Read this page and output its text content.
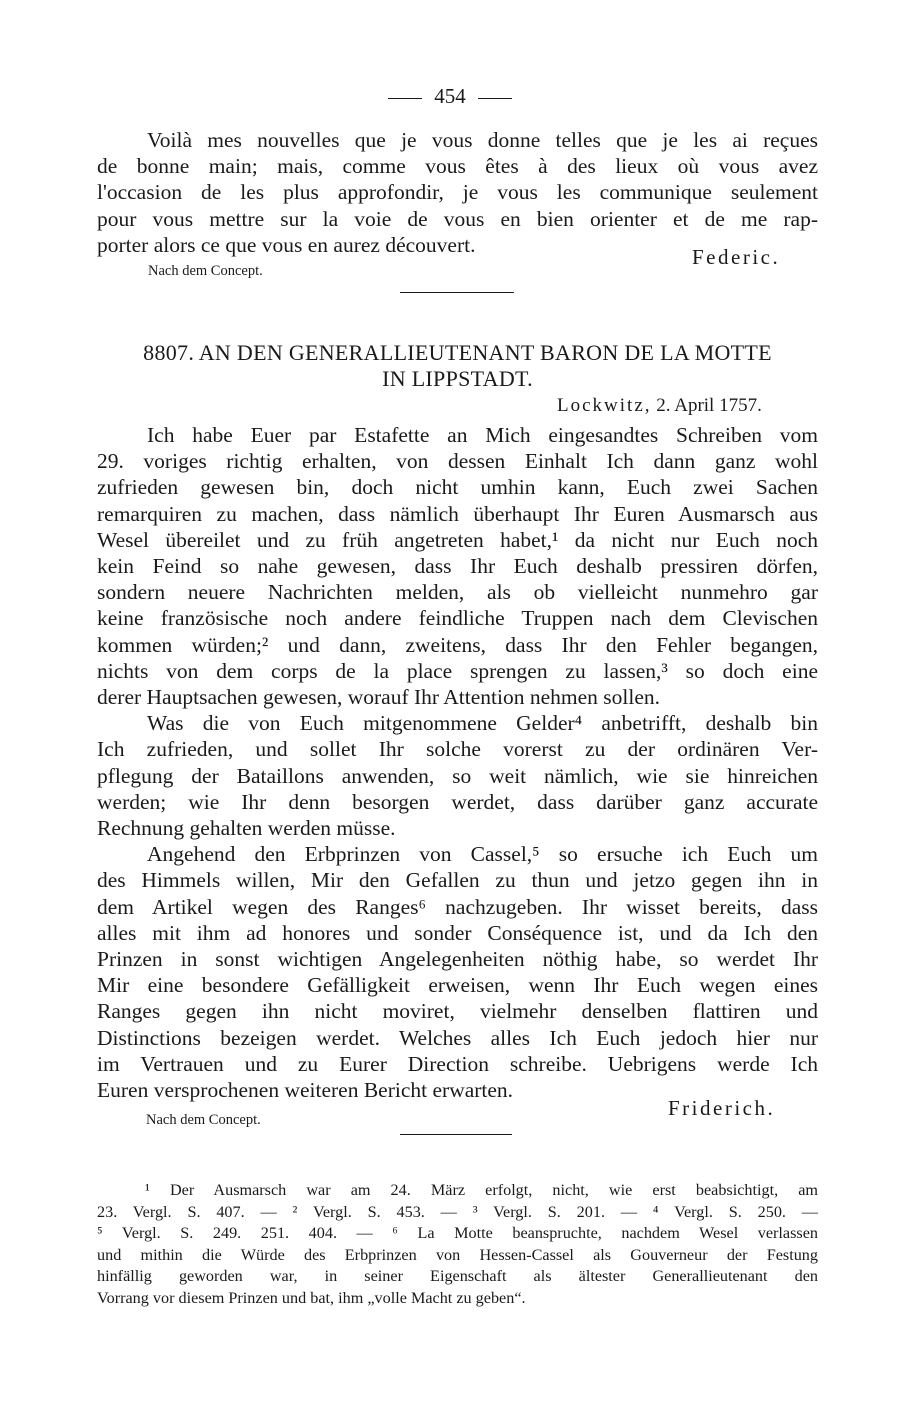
454

Voilà mes nouvelles que je vous donne telles que je les ai reçues
de bonne main; mais, comme vous êtes à des lieux où vous avez
l'occasion de les plus approfondir, je vous les communique seulement
pour vous mettre sur la voie de vous en bien orienter et de me rap-
porter alors ce que vous en aurez découvert.

Federic.
Nach dem Concept.
8807. AN DEN GENERALLIEUTENANT BARON DE LA MOTTE
IN LIPPSTADT.
Lockwitz, 2. April 1757.

Ich habe Euer par Estafette an Mich eingesandtes Schreiben vom
29. voriges richtig erhalten, von dessen Einhalt Ich dann ganz wohl
zufrieden gewesen bin, doch nicht umhin kann, Euch zwei Sachen
remarquiren zu machen, dass nämlich überhaupt Ihr Euren Ausmarsch aus
Wesel übereilet und zu früh angetreten habet,¹ da nicht nur Euch noch
kein Feind so nahe gewesen, dass Ihr Euch deshalb pressiren dörfen,
sondern neuere Nachrichten melden, als ob vielleicht nunmehro gar
keine französische noch andere feindliche Truppen nach dem Clevischen
kommen würden;² und dann, zweitens, dass Ihr den Fehler begangen,
nichts von dem corps de la place sprengen zu lassen,³ so doch eine
derer Hauptsachen gewesen, worauf Ihr Attention nehmen sollen.

Was die von Euch mitgenommene Gelder⁴ anbetrifft, deshalb bin
Ich zufrieden, und sollet Ihr solche vorerst zu der ordinären Ver-
pflegung der Bataillons anwenden, so weit nämlich, wie sie hinreichen
werden; wie Ihr denn besorgen werdet, dass darüber ganz accurate
Rechnung gehalten werden müsse.

Angehend den Erbprinzen von Cassel,⁵ so ersuche ich Euch um
des Himmels willen, Mir den Gefallen zu thun und jetzo gegen ihn in
dem Artikel wegen des Ranges⁶ nachzugeben. Ihr wisset bereits, dass
alles mit ihm ad honores und sonder Conséquence ist, und da Ich den
Prinzen in sonst wichtigen Angelegenheiten nöthig habe, so werdet Ihr
Mir eine besondere Gefälligkeit erweisen, wenn Ihr Euch wegen eines
Ranges gegen ihn nicht moviret, vielmehr denselben flattiren und
Distinctions bezeigen werdet. Welches alles Ich Euch jedoch hier nur
im Vertrauen und zu Eurer Direction schreibe. Uebrigens werde Ich
Euren versprochenen weiteren Bericht erwarten.

Friderich.
Nach dem Concept.
¹ Der Ausmarsch war am 24. März erfolgt, nicht, wie erst beabsichtigt, am
23. Vergl. S. 407. — ² Vergl. S. 453. — ³ Vergl. S. 201. — ⁴ Vergl. S. 250. —
⁵ Vergl. S. 249. 251. 404. — ⁶ La Motte beanspruchte, nachdem Wesel verlassen
und mithin die Würde des Erbprinzen von Hessen-Cassel als Gouverneur der Festung
hinfällig geworden war, in seiner Eigenschaft als ältester Generallieutenant den
Vorrang vor diesem Prinzen und bat, ihm „volle Macht zu geben“.
